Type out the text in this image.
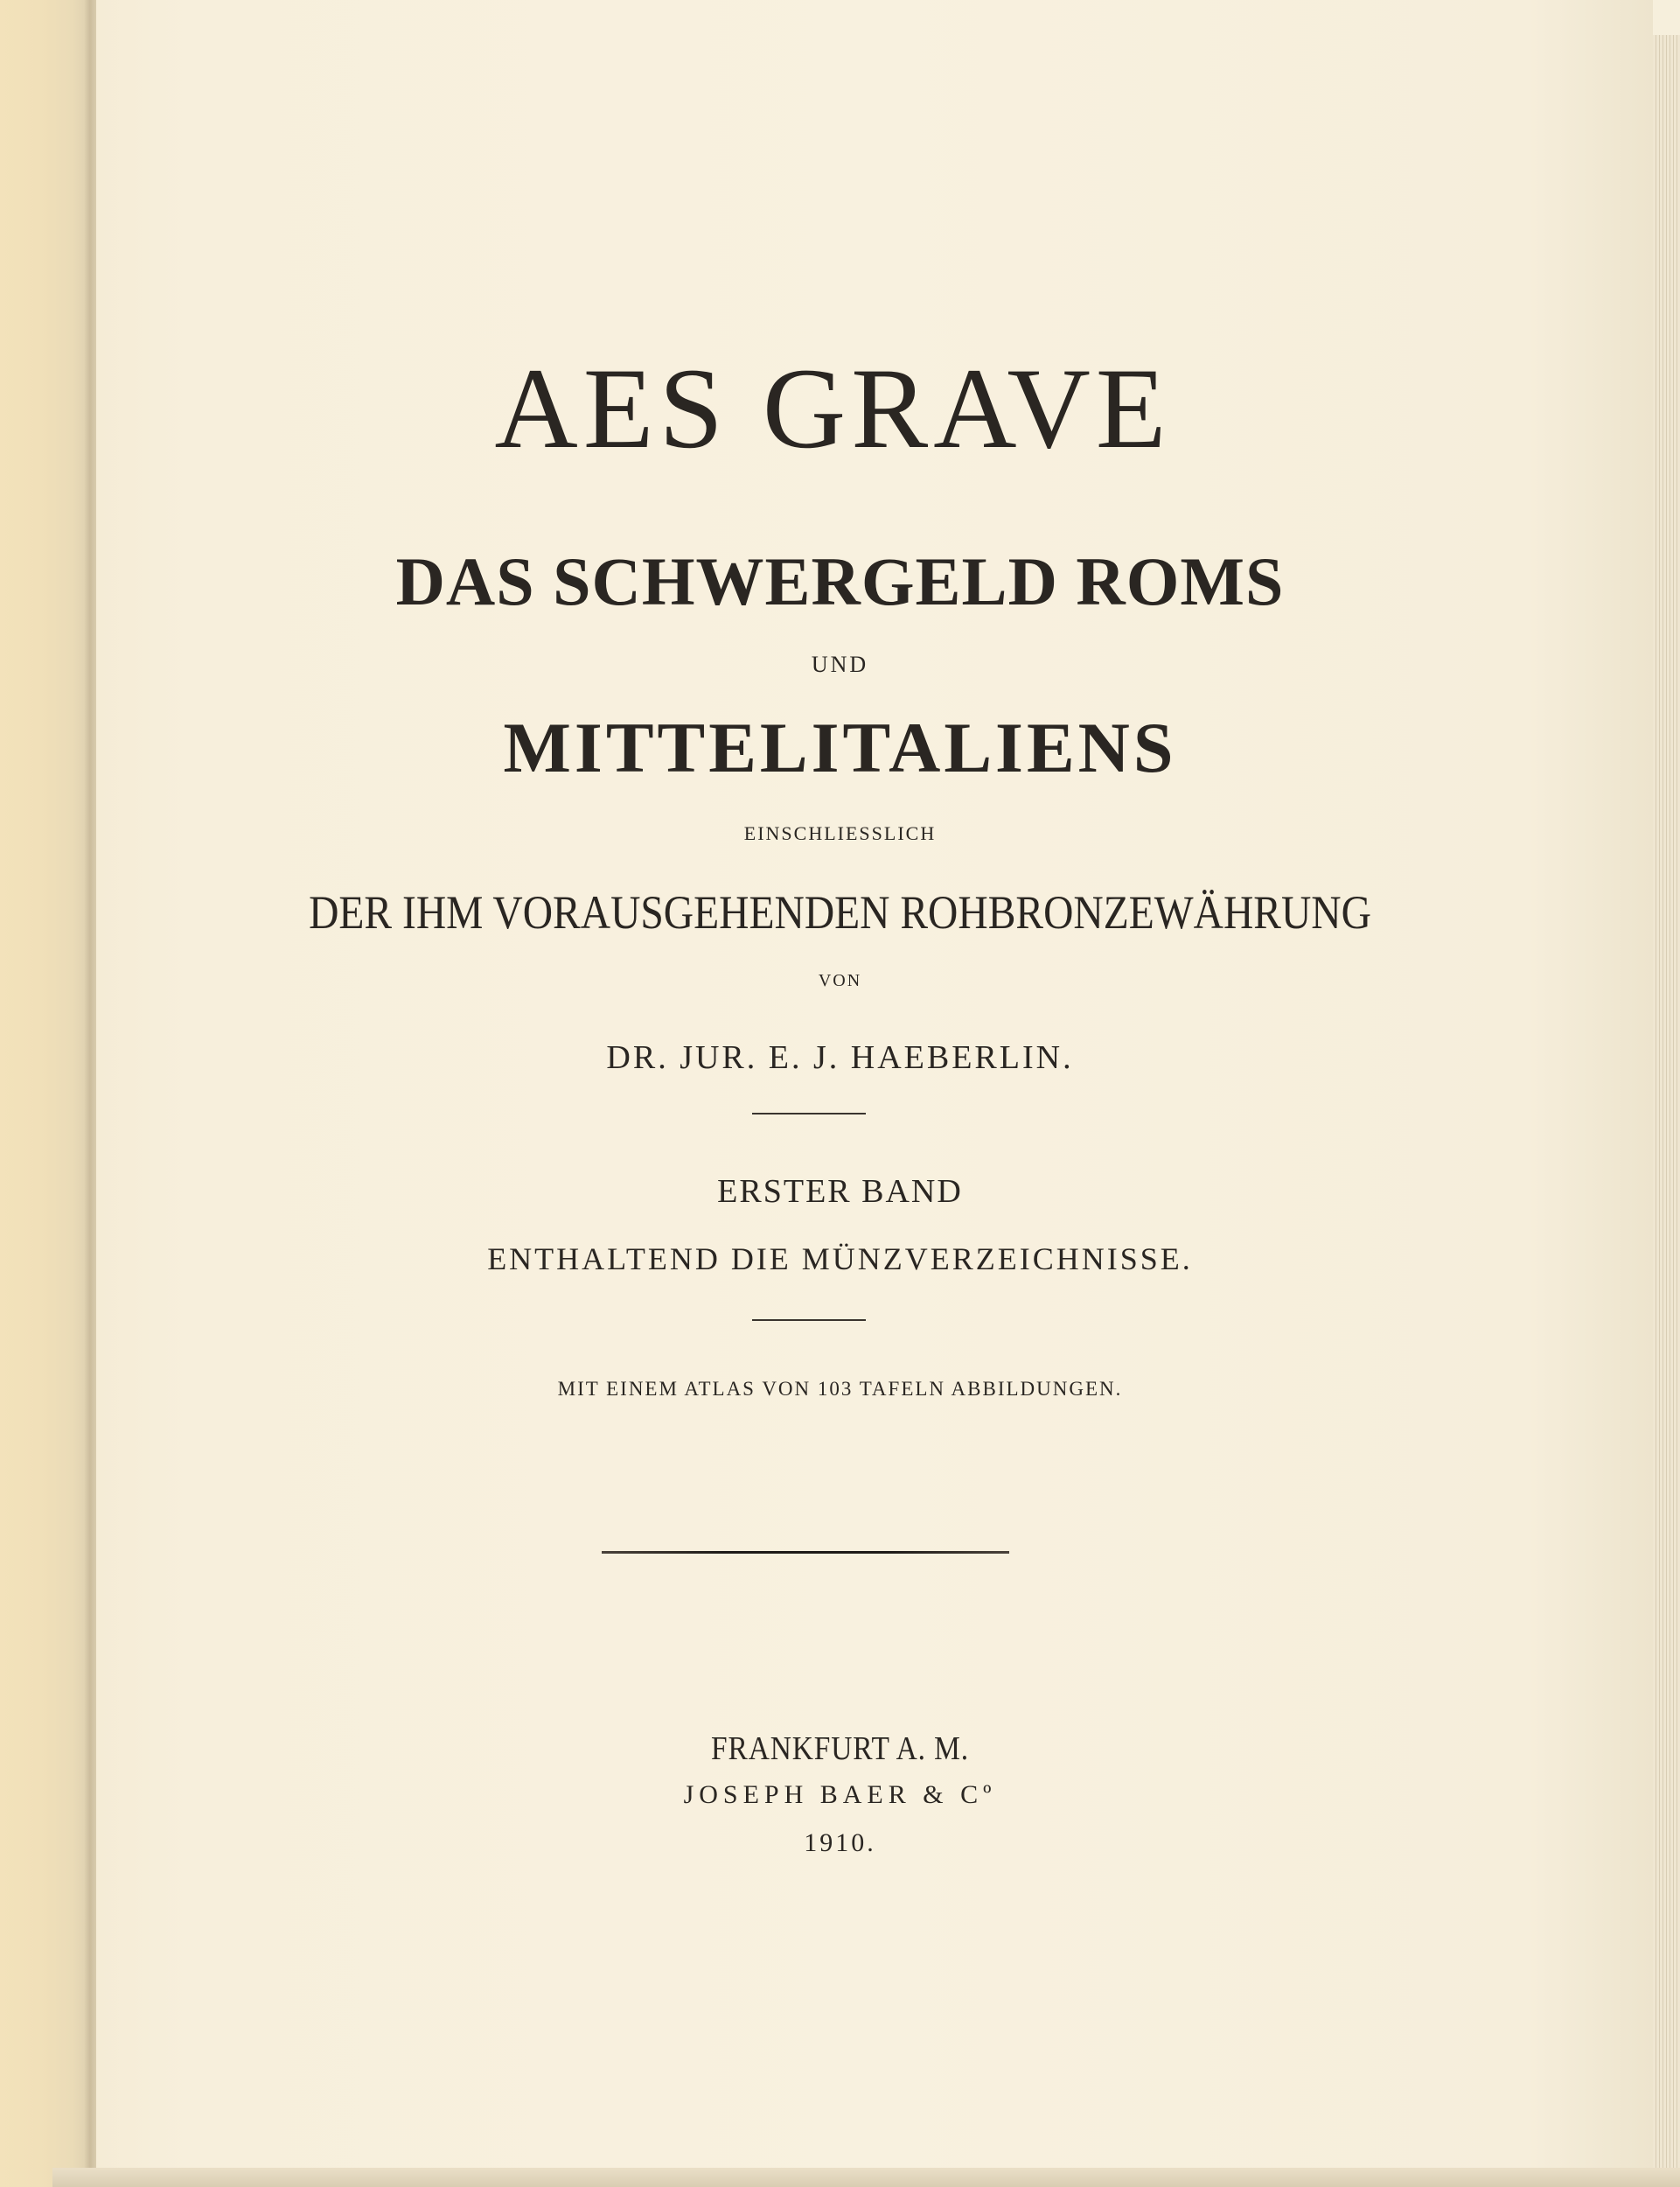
AES GRAVE
DAS SCHWERGELD ROMS
UND
MITTELITALIENS
EINSCHLIESSLICH
DER IHM VORAUSGEHENDEN ROHBRONZEWÄHRUNG
VON
DR. JUR. E. J. HAEBERLIN.
ERSTER BAND
ENTHALTEND DIE MÜNZVERZEICHNISSE.
MIT EINEM ATLAS VON 103 TAFELN ABBILDUNGEN.
FRANKFURT A. M.
JOSEPH BAER & Cº
1910.
